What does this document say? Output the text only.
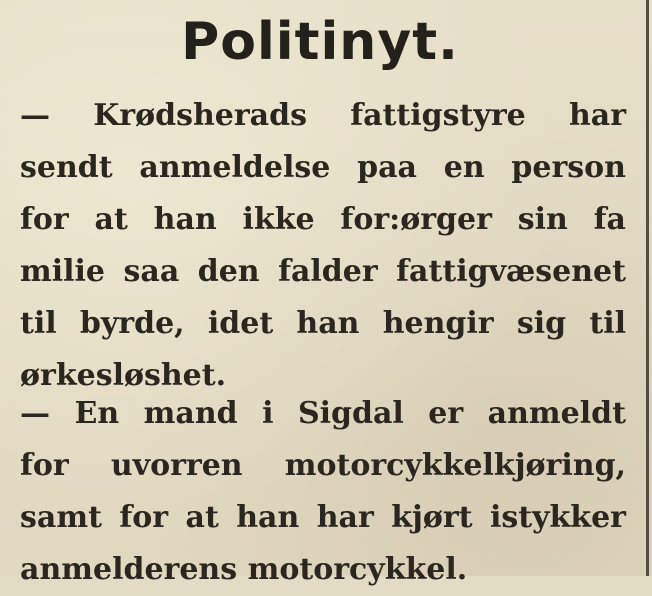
Politinyt.
— Krødsherads fattigstyre har
sendt anmeldelse paa en person
for at han ikke for:ørger sin fa
milie saa den falder fattigvæsenet
til byrde, idet han hengir sig til
ørkesløshet.
— En mand i Sigdal er anmeldt
for uvorren motorcykkelkjøring,
samt for at han har kjørt istykker
anmelderens motorcykkel.
